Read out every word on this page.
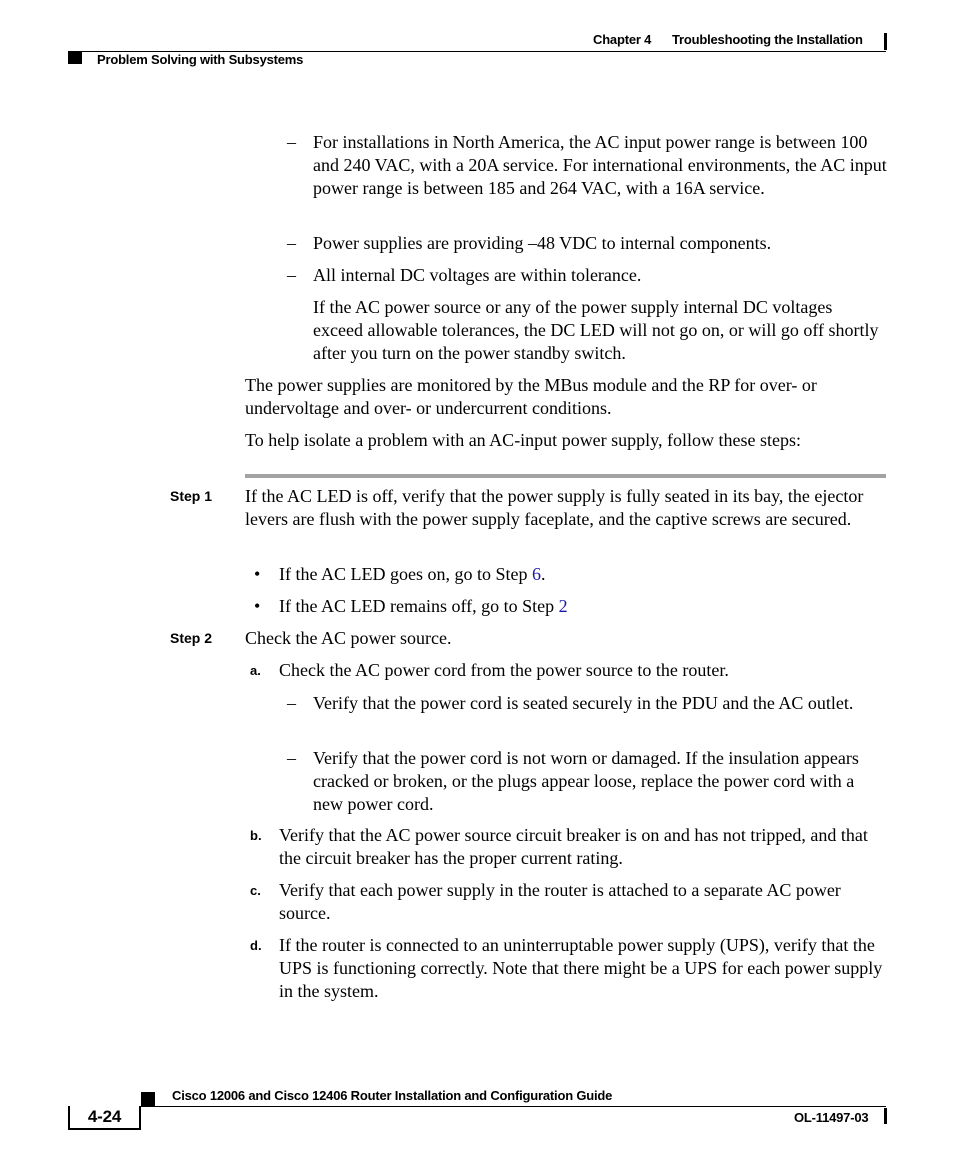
Chapter 4 Troubleshooting the Installation
Problem Solving with Subsystems
– For installations in North America, the AC input power range is between 100 and 240 VAC, with a 20A service. For international environments, the AC input power range is between 185 and 264 VAC, with a 16A service.
– Power supplies are providing –48 VDC to internal components.
– All internal DC voltages are within tolerance.
If the AC power source or any of the power supply internal DC voltages exceed allowable tolerances, the DC LED will not go on, or will go off shortly after you turn on the power standby switch.
The power supplies are monitored by the MBus module and the RP for over- or undervoltage and over- or undercurrent conditions.
To help isolate a problem with an AC-input power supply, follow these steps:
Step 1 If the AC LED is off, verify that the power supply is fully seated in its bay, the ejector levers are flush with the power supply faceplate, and the captive screws are secured.
• If the AC LED goes on, go to Step 6.
• If the AC LED remains off, go to Step 2
Step 2 Check the AC power source.
a. Check the AC power cord from the power source to the router.
– Verify that the power cord is seated securely in the PDU and the AC outlet.
– Verify that the power cord is not worn or damaged. If the insulation appears cracked or broken, or the plugs appear loose, replace the power cord with a new power cord.
b. Verify that the AC power source circuit breaker is on and has not tripped, and that the circuit breaker has the proper current rating.
c. Verify that each power supply in the router is attached to a separate AC power source.
d. If the router is connected to an uninterruptable power supply (UPS), verify that the UPS is functioning correctly. Note that there might be a UPS for each power supply in the system.
Cisco 12006 and Cisco 12406 Router Installation and Configuration Guide
4-24	OL-11497-03
